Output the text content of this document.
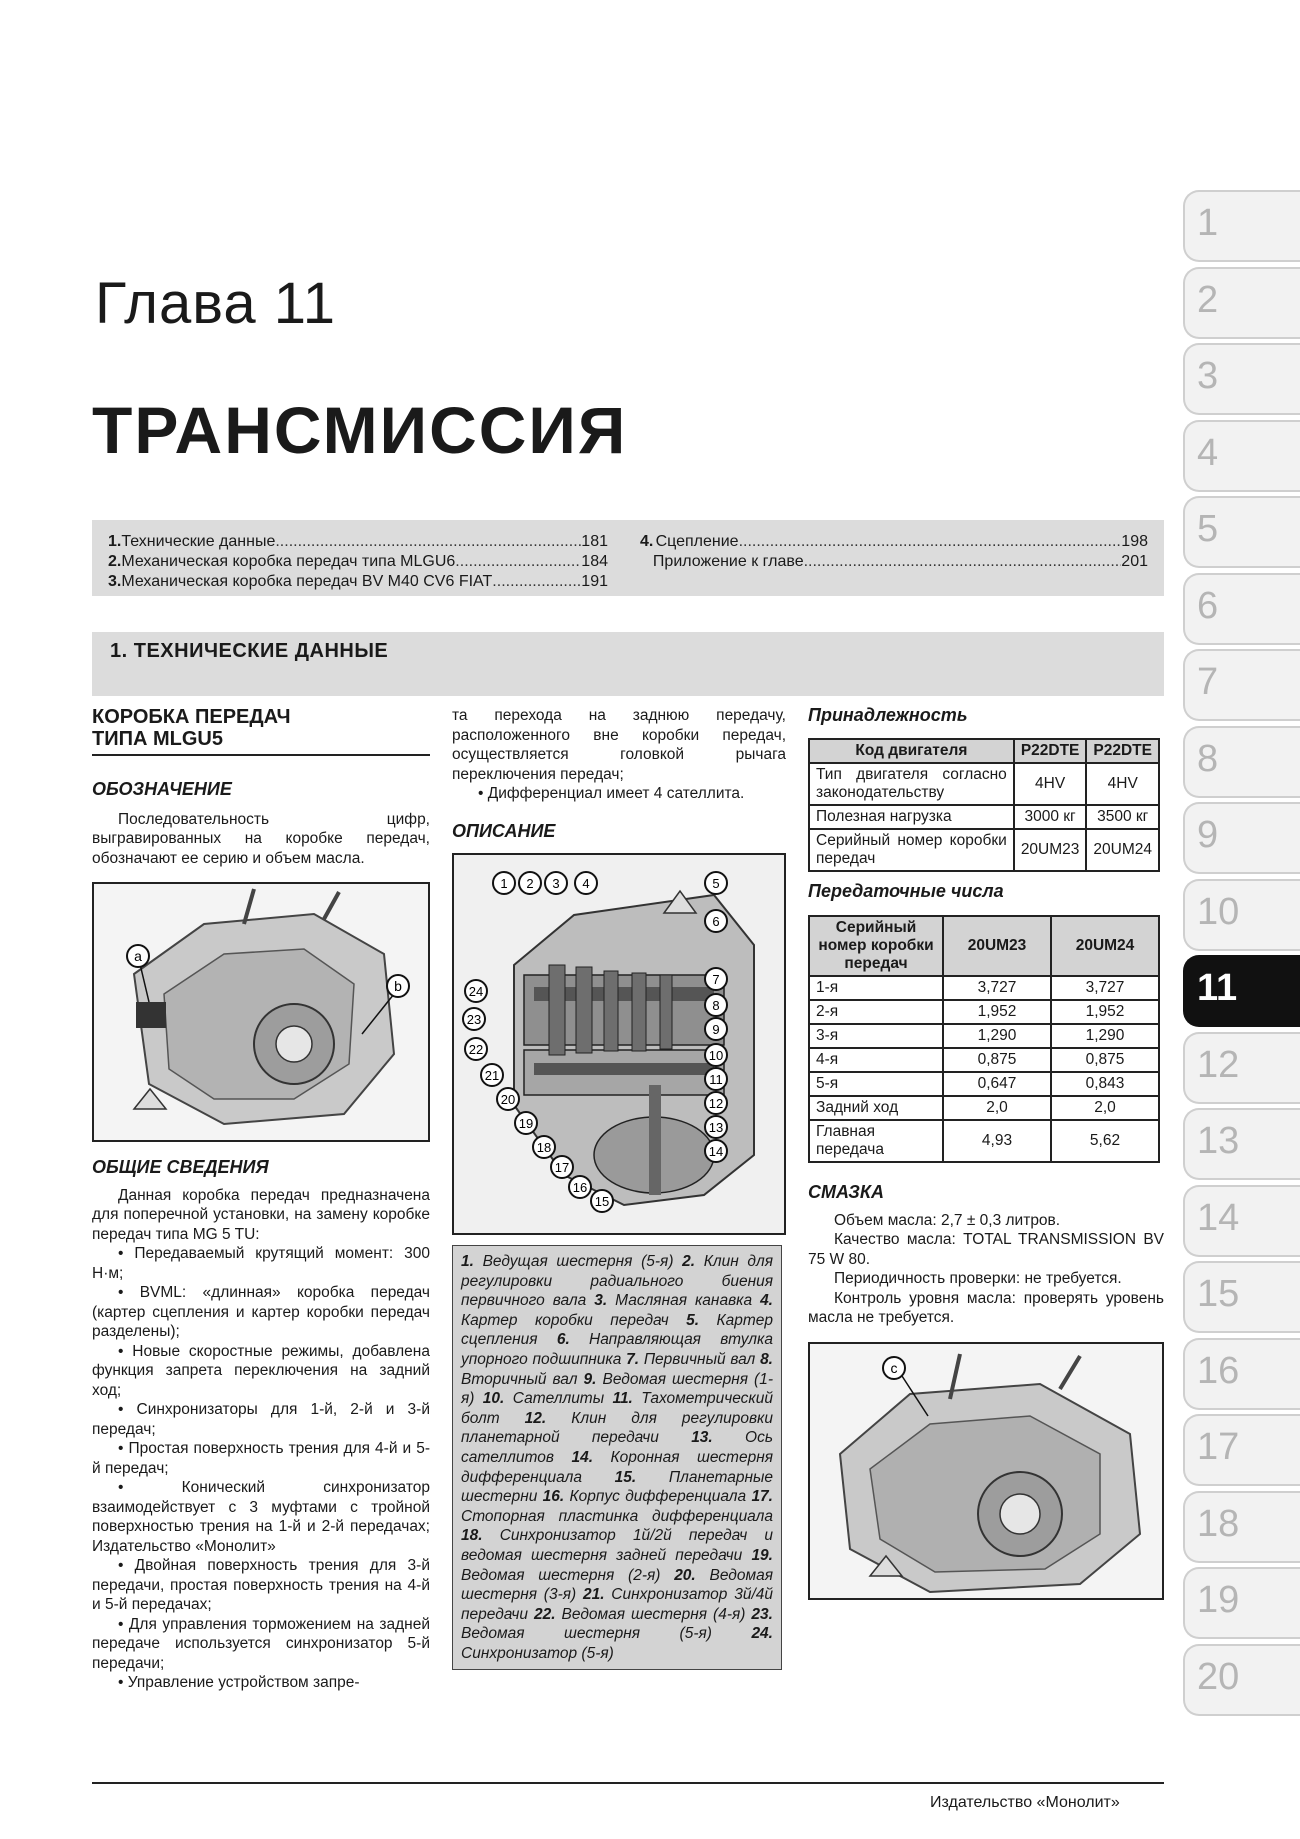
Глава 11
ТРАНСМИССИЯ
1. Технические данные .....	181
2. Механическая коробка передач типа MLGU6 .....	184
3. Механическая коробка передач BV M40 CV6 FIAT .....	191
4. Сцепление .....	198
Приложение к главе .....	201
1. ТЕХНИЧЕСКИЕ ДАННЫЕ
КОРОБКА ПЕРЕДАЧ
ТИПА MLGU5
ОБОЗНАЧЕНИЕ

Последовательность цифр, выгравированных на коробке передач, обозначают ее серию и объем масла.

a
b
ОБЩИЕ СВЕДЕНИЯ

Данная коробка передач предназначена для поперечной установки, на замену коробке передач типа MG 5 TU:

• Передаваемый крутящий момент: 300 Н·м;

• BVML: «длинная» коробка передач (картер сцепления и картер коробки передач разделены);

• Новые скоростные режимы, добавлена функция запрета переключения на задний ход;

• Синхронизаторы для 1-й, 2-й и 3-й передач;

• Простая поверхность трения для 4-й и 5-й передач;

• Конический синхронизатор взаимодействует с 3 муфтами с тройной поверхностью трения на 1-й и 2-й передачах; Издательство «Монолит»

• Двойная поверхность трения для 3-й передачи, простая поверхность трения на 4-й и 5-й передачах;

• Для управления торможением на задней передаче используется синхронизатор 5-й передачи;

• Управление устройством запре-

та перехода на заднюю передачу, расположенного вне коробки передач, осуществляется головкой рычага переключения передач;

• Дифференциал имеет 4 сателлита.

ОПИСАНИЕ
1 2 3 4	5
6
7
8
9
10
11
12
13
14
15
16
17
18
19
20
21
22
23
24
1. Ведущая шестерня (5-я) 2. Клин для регулировки радиального биения первичного вала 3. Масляная канавка 4. Картер коробки передач 5. Картер сцепления 6. Направляющая втулка упорного подшипника 7. Первичный вал 8. Вторичный вал 9. Ведомая шестерня (1-я) 10. Сателлиты 11. Тахометрический болт 12. Клин для регулировки планетарной передачи 13. Ось сателлитов 14. Коронная шестерня дифференциала 15. Планетарные шестерни 16. Корпус дифференциала 17. Стопорная пластинка дифференциала 18. Синхронизатор 1й/2й передач и ведомая шестерня задней передачи 19. Ведомая шестерня (2-я) 20. Ведомая шестерня (3-я) 21. Синхронизатор 3й/4й передачи 22. Ведомая шестерня (4-я) 23. Ведомая шестерня (5-я) 24. Синхронизатор (5-я)
Принадлежность
Код двигателя	P22DTE	P22DTE
Тип двигателя согласно законодательству	4HV	4HV
Полезная нагрузка	3000 кг	3500 кг
Серийный номер коробки передач	20UM23	20UM24
Передаточные числа
Серийный номер коробки передач	20UM23	20UM24
1-я	3,727	3,727
2-я	1,952	1,952
3-я	1,290	1,290
4-я	0,875	0,875
5-я	0,647	0,843
Задний ход	2,0	2,0
Главная передача	4,93	5,62
СМАЗКА

Объем масла: 2,7 ± 0,3 литров.

Качество масла: TOTAL TRANSMISSION BV 75 W 80.

Периодичность проверки: не требуется.

Контроль уровня масла: проверять уровень масла не требуется.

c
1
2
3
4
5
6
7
8
9
10
11
12
13
14
15
16
17
18
19
20
Издательство «Монолит»
